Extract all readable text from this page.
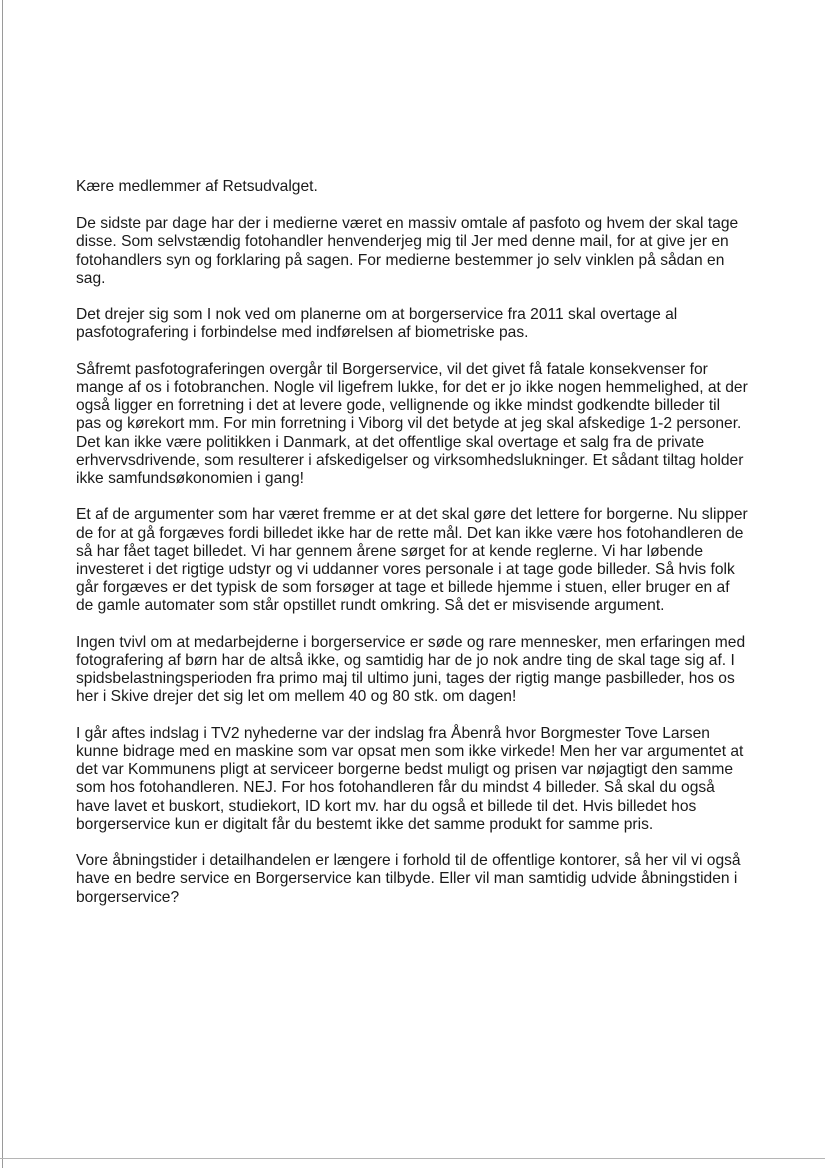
Kære medlemmer af Retsudvalget.

De sidste par dage har der i medierne været en massiv omtale af pasfoto og hvem der skal tage disse. Som selvstændig fotohandler henvenderjeg mig til Jer med denne mail, for at give jer en fotohandlers syn og forklaring på sagen. For medierne bestemmer jo selv vinklen på sådan en sag.

Det drejer sig som I nok ved om planerne om at borgerservice fra 2011 skal overtage al pasfotografering i forbindelse med indførelsen af biometriske pas.

Såfremt pasfotograferingen overgår til Borgerservice, vil det givet få fatale konsekvenser for mange af os i fotobranchen. Nogle vil ligefrem lukke, for det er jo ikke nogen hemmelighed, at der også ligger en forretning i det at levere gode, vellignende og ikke mindst godkendte billeder til pas og kørekort mm. For min forretning i Viborg vil det betyde at jeg skal afskedige 1-2 personer. Det kan ikke være politikken i Danmark, at det offentlige skal overtage et salg fra de private erhvervsdrivende, som resulterer i afskedigelser og virksomhedslukninger. Et sådant tiltag holder ikke samfundsøkonomien i gang!

Et af de argumenter som har været fremme er at det skal gøre det lettere for borgerne. Nu slipper de for at gå forgæves fordi billedet ikke har de rette mål. Det kan ikke være hos fotohandleren de så har fået taget billedet. Vi har gennem årene sørget for at kende reglerne. Vi har løbende investeret i det rigtige udstyr og vi uddanner vores personale i at tage gode billeder. Så hvis folk går forgæves er det typisk de som forsøger at tage et billede hjemme i stuen, eller bruger en af de gamle automater som står opstillet rundt omkring. Så det er misvisende argument.

Ingen tvivl om at medarbejderne i borgerservice er søde og rare mennesker, men erfaringen med fotografering af børn har de altså ikke, og samtidig har de jo nok andre ting de skal tage sig af. I spidsbelastningsperioden fra primo maj til ultimo juni, tages der rigtig mange pasbilleder, hos os her i Skive drejer det sig let om mellem 40 og 80 stk. om dagen!

I går aftes indslag i TV2 nyhederne var der indslag fra Åbenrå hvor Borgmester Tove Larsen kunne bidrage med en maskine som var opsat men som ikke virkede! Men her var argumentet at det var Kommunens pligt at serviceer borgerne bedst muligt og prisen var nøjagtigt den samme som hos fotohandleren. NEJ. For hos fotohandleren får du mindst 4 billeder. Så skal du også have lavet et buskort, studiekort, ID kort mv. har du også et billede til det. Hvis billedet hos borgerservice kun er digitalt får du bestemt ikke det samme produkt for samme pris.

Vore åbningstider i detailhandelen er længere i forhold til de offentlige kontorer, så her vil vi også have en bedre service en Borgerservice kan tilbyde. Eller vil man samtidig udvide åbningstiden i borgerservice?
